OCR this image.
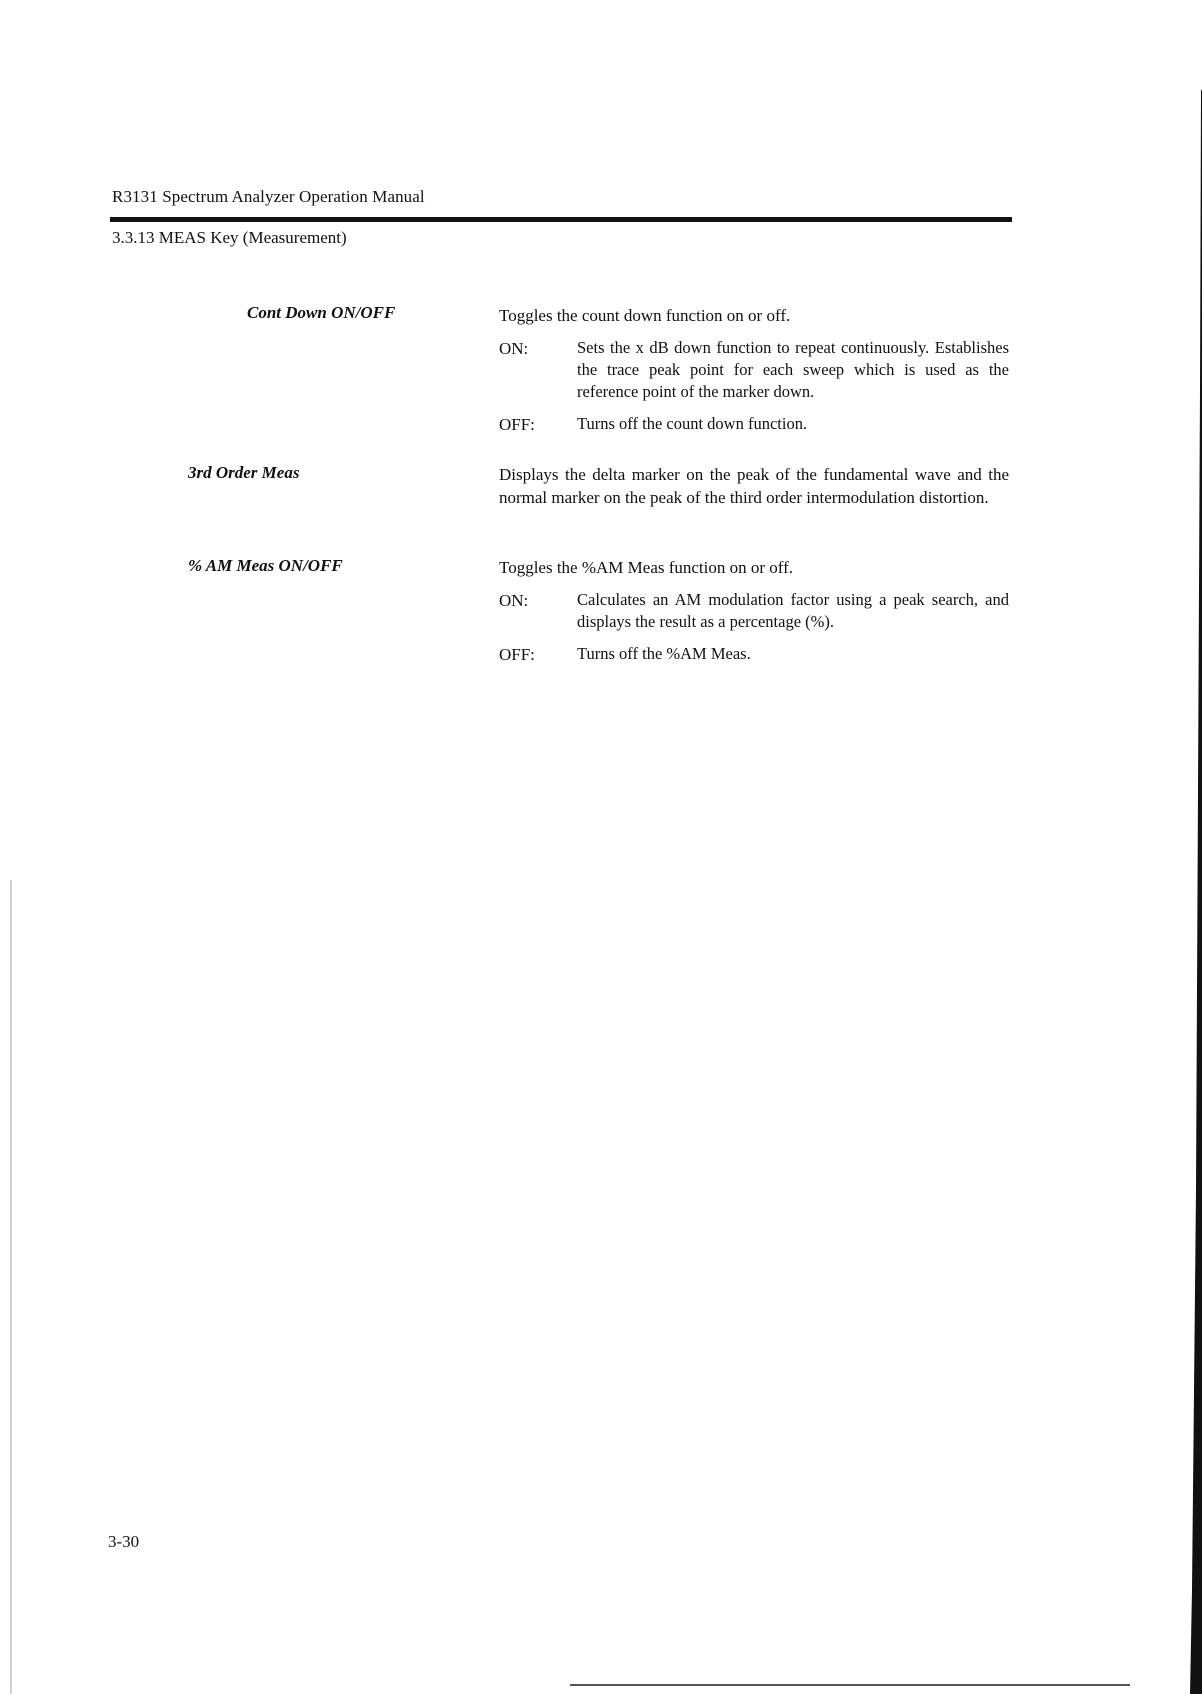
R3131 Spectrum Analyzer Operation Manual
3.3.13 MEAS Key (Measurement)
Cont Down ON/OFF	Toggles the count down function on or off.
ON:	Sets the x dB down function to repeat continuously. Establishes the trace peak point for each sweep which is used as the reference point of the marker down.
OFF:	Turns off the count down function.
3rd Order Meas	Displays the delta marker on the peak of the fundamental wave and the normal marker on the peak of the third order intermodulation distortion.
% AM Meas ON/OFF	Toggles the %AM Meas function on or off.
ON:	Calculates an AM modulation factor using a peak search, and displays the result as a percentage (%).
OFF:	Turns off the %AM Meas.
3-30
